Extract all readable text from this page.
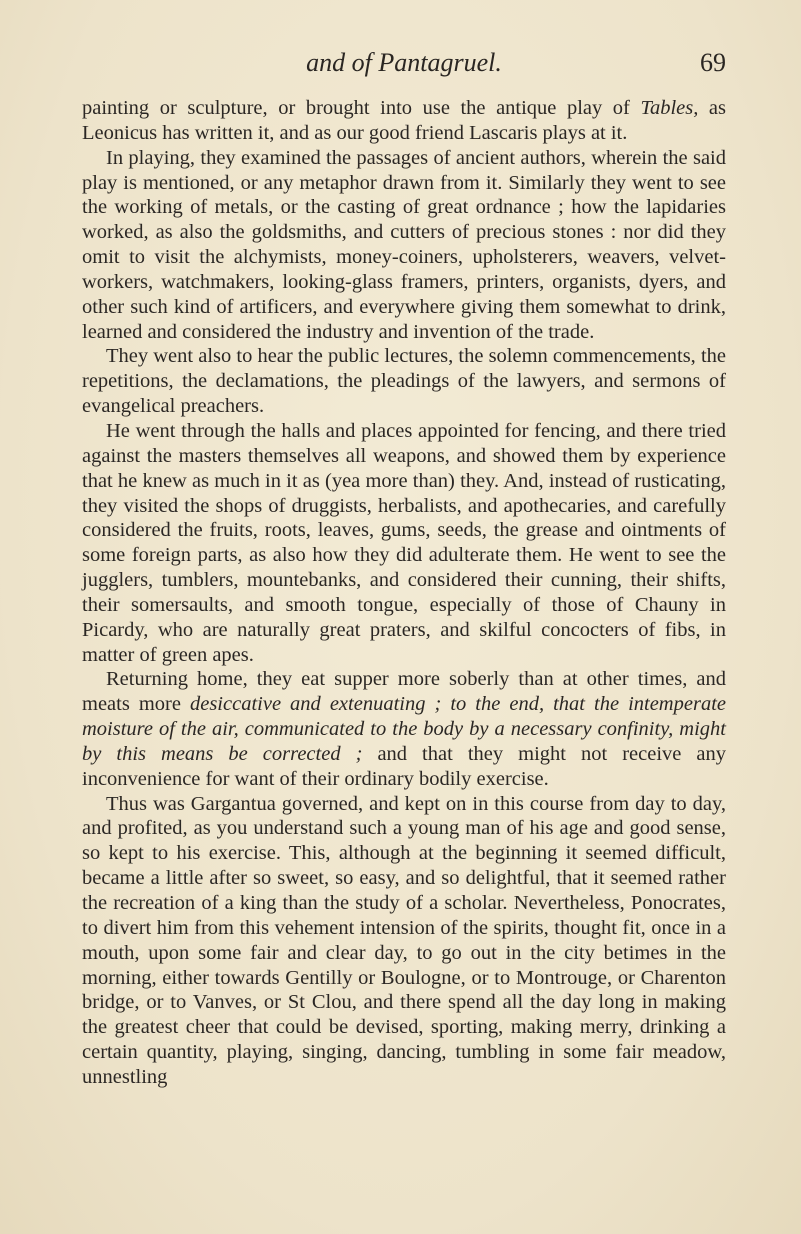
and of Pantagruel.	69

painting or sculpture, or brought into use the antique play of Tables, as Leonicus has written it, and as our good friend Lascaris plays at it.

In playing, they examined the passages of ancient authors, wherein the said play is mentioned, or any metaphor drawn from it. Similarly they went to see the working of metals, or the casting of great ordnance ; how the lapidaries worked, as also the goldsmiths, and cutters of precious stones : nor did they omit to visit the alchymists, money-coiners, upholsterers, weavers, velvet-workers, watchmakers, looking-glass framers, printers, organists, dyers, and other such kind of artificers, and everywhere giving them somewhat to drink, learned and considered the industry and invention of the trade.

They went also to hear the public lectures, the solemn commencements, the repetitions, the declamations, the pleadings of the lawyers, and sermons of evangelical preachers.

He went through the halls and places appointed for fencing, and there tried against the masters themselves all weapons, and showed them by experience that he knew as much in it as (yea more than) they. And, instead of rusticating, they visited the shops of druggists, herbalists, and apothecaries, and carefully considered the fruits, roots, leaves, gums, seeds, the grease and ointments of some foreign parts, as also how they did adulterate them. He went to see the jugglers, tumblers, mountebanks, and considered their cunning, their shifts, their somersaults, and smooth tongue, especially of those of Chauny in Picardy, who are naturally great praters, and skilful concocters of fibs, in matter of green apes.

Returning home, they eat supper more soberly than at other times, and meats more desiccative and extenuating ; to the end, that the intemperate moisture of the air, communicated to the body by a necessary confinity, might by this means be corrected ; and that they might not receive any inconvenience for want of their ordinary bodily exercise.

Thus was Gargantua governed, and kept on in this course from day to day, and profited, as you understand such a young man of his age and good sense, so kept to his exercise. This, although at the beginning it seemed difficult, became a little after so sweet, so easy, and so delightful, that it seemed rather the recreation of a king than the study of a scholar. Nevertheless, Ponocrates, to divert him from this vehement intension of the spirits, thought fit, once in a mouth, upon some fair and clear day, to go out in the city betimes in the morning, either towards Gentilly or Boulogne, or to Montrouge, or Charenton bridge, or to Vanves, or St Clou, and there spend all the day long in making the greatest cheer that could be devised, sporting, making merry, drinking a certain quantity, playing, singing, dancing, tumbling in some fair meadow, unnestling
